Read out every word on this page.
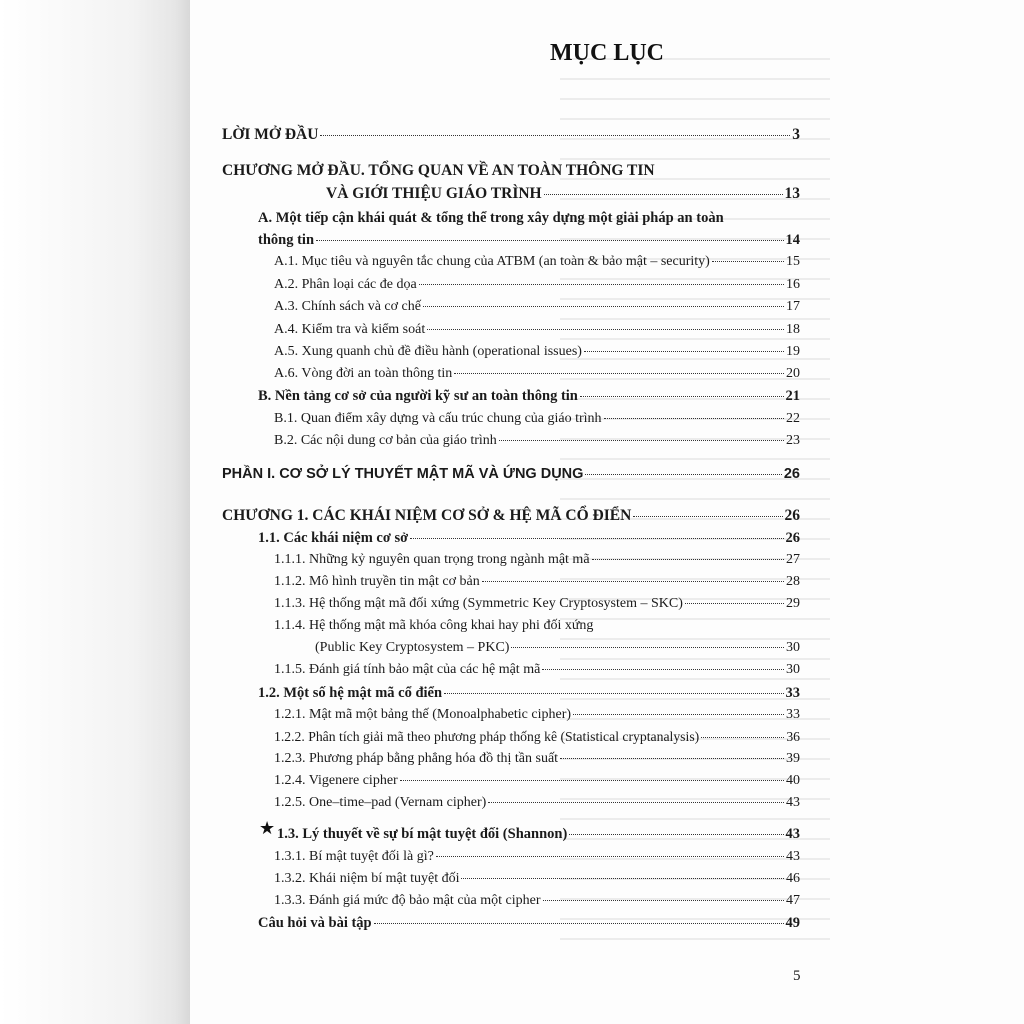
MỤC LỤC
LỜI MỞ ĐẦU	3
CHƯƠNG MỞ ĐẦU. TỔNG QUAN VỀ AN TOÀN THÔNG TIN
VÀ GIỚI THIỆU GIÁO TRÌNH	13
A. Một tiếp cận khái quát & tổng thể trong xây dựng một giải pháp an toàn
thông tin	14
A.1. Mục tiêu và nguyên tắc chung của ATBM (an toàn & bảo mật – security)	15
A.2. Phân loại các đe dọa	16
A.3. Chính sách và cơ chế	17
A.4. Kiểm tra và kiểm soát	18
A.5. Xung quanh chủ đề điều hành (operational issues)	19
A.6. Vòng đời an toàn thông tin	20
B. Nền tảng cơ sở của người kỹ sư an toàn thông tin	21
B.1. Quan điểm xây dựng và cấu trúc chung của giáo trình	22
B.2. Các nội dung cơ bản của giáo trình	23
PHẦN I. CƠ SỞ LÝ THUYẾT MẬT MÃ VÀ ỨNG DỤNG	26
CHƯƠNG 1. CÁC KHÁI NIỆM CƠ SỞ & HỆ MÃ CỔ ĐIỂN	26
1.1. Các khái niệm cơ sở	26
1.1.1. Những kỷ nguyên quan trọng trong ngành mật mã	27
1.1.2. Mô hình truyền tin mật cơ bản	28
1.1.3. Hệ thống mật mã đối xứng (Symmetric Key Cryptosystem – SKC)	29
1.1.4. Hệ thống mật mã khóa công khai hay phi đối xứng
(Public Key Cryptosystem – PKC)	30
1.1.5. Đánh giá tính bảo mật của các hệ mật mã	30
1.2. Một số hệ mật mã cổ điển	33
1.2.1. Mật mã một bảng thế (Monoalphabetic cipher)	33
1.2.2. Phân tích giải mã theo phương pháp thống kê (Statistical cryptanalysis)	36
1.2.3. Phương pháp bằng phẳng hóa đồ thị tần suất	39
1.2.4. Vigenere cipher	40
1.2.5. One–time–pad (Vernam cipher)	43
★ 1.3. Lý thuyết về sự bí mật tuyệt đối (Shannon)	43
1.3.1. Bí mật tuyệt đối là gì?	43
1.3.2. Khái niệm bí mật tuyệt đối	46
1.3.3. Đánh giá mức độ bảo mật của một cipher	47
Câu hỏi và bài tập	49
5
